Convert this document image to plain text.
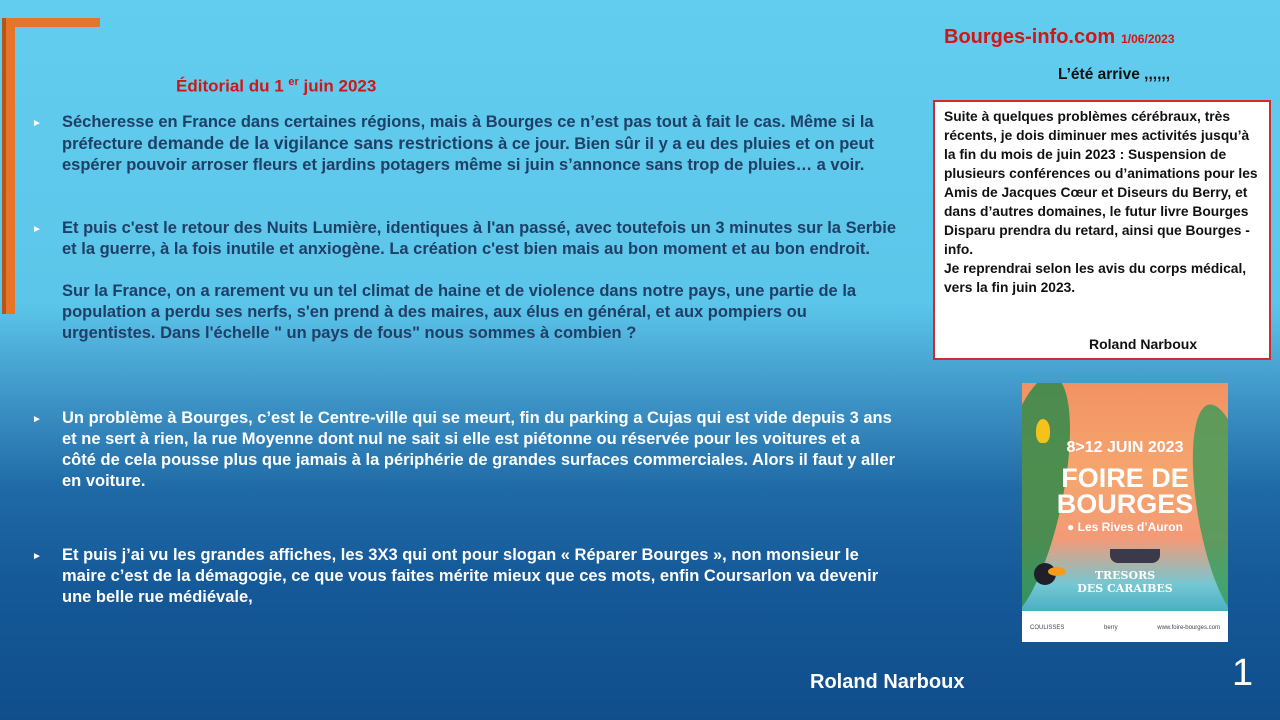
Éditorial du 1 $^{er}$ juin 2023
Bourges-info.com 1/06/2023
L’été arrive ,,,,,,
► Sécheresse en France dans certaines régions, mais à Bourges ce n’est pas tout à fait le cas. Même si la préfecture demande de la vigilance sans restrictions à ce jour. Bien sûr il y a eu des pluies et on peut espérer pouvoir arroser fleurs et jardins potagers même si juin s’annonce sans trop de pluies… a voir.
► Et puis c'est le retour des Nuits Lumière, identiques à l'an passé, avec toutefois un 3 minutes sur la Serbie et la guerre, à la fois inutile et anxiogène. La création c'est bien mais au bon moment et au bon endroit.
Sur la France, on a rarement vu un tel climat de haine et de violence dans notre pays, une partie de la population a perdu ses nerfs, s'en prend à des maires, aux élus en général, et aux pompiers ou urgentistes. Dans l'échelle " un pays de fous" nous sommes à combien ?
► Un problème à Bourges, c’est le Centre-ville qui se meurt, fin du parking a Cujas qui est vide depuis 3 ans et ne sert à rien, la rue Moyenne dont nul ne sait si elle est piétonne ou réservée pour les voitures et a côté de cela pousse plus que jamais à la périphérie de grandes surfaces commerciales. Alors il faut y aller en voiture.
► Et puis j’ai vu les grandes affiches, les 3X3 qui ont pour slogan « Réparer Bourges », non monsieur le maire c’est de la démagogie, ce que vous faites mérite mieux que ces mots, enfin Coursarlon va devenir une belle rue médiévale,
Suite à quelques problèmes cérébraux, très récents, je dois diminuer mes activités jusqu’à la fin du mois de juin 2023 : Suspension de plusieurs conférences ou d’animations pour les Amis de Jacques Cœur et Diseurs du Berry, et dans d’autres domaines, le futur livre Bourges Disparu prendra du retard, ainsi que Bourges -info.
Je reprendrai selon les avis du corps médical, vers la fin juin 2023.
Roland Narboux
8>12 JUIN 2023
FOIRE DE
BOURGES
● Les Rives d’Auron
TRESORS
DES CARAIBES
COULISSES	berry	www.foire-bourges.com
Roland Narboux	1
